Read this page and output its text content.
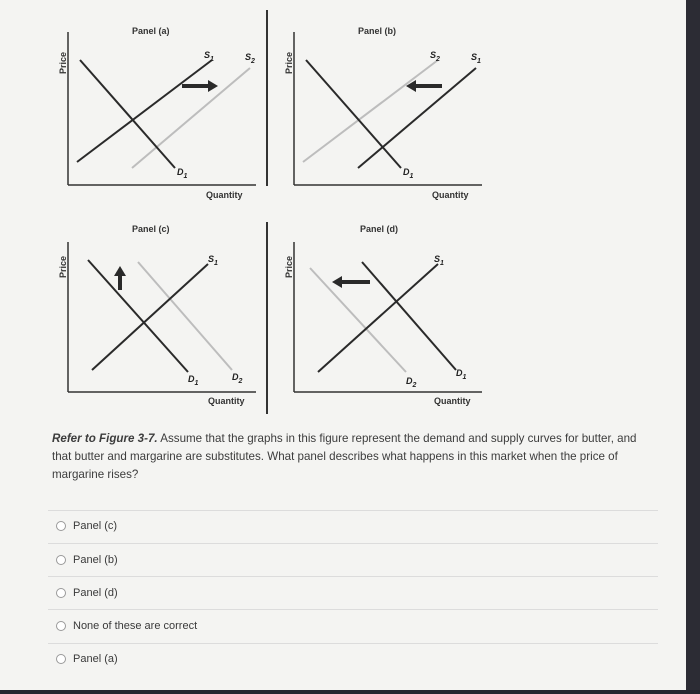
Panel (a)
Price
Quantity
$S_1$	$S_2$
$D_1$
Panel (b)
Price
Quantity
$S_2$	$S_1$
$D_1$
Panel (c)
Price
Quantity
$S_1$
$D_1$
$D_2$
Panel (d)
Price
Quantity
$S_1$
$D_2$
$D_1$
Refer to Figure 3-7. Assume that the graphs in this figure represent the demand and supply curves for butter, and that butter and margarine are substitutes. What panel describes what happens in this market when the price of margarine rises?
Panel (c)
Panel (b)
Panel (d)
None of these are correct
Panel (a)
